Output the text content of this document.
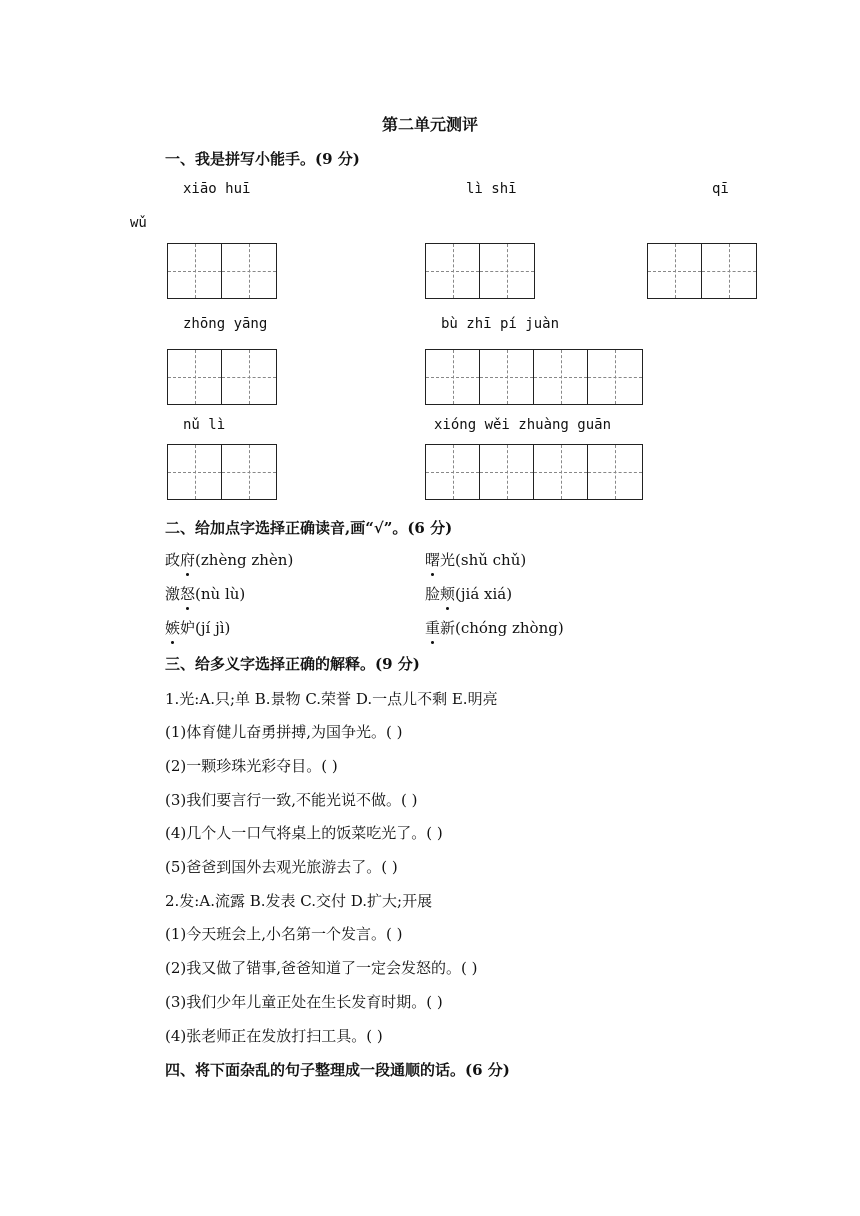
第二单元测评
一、我是拼写小能手。(9 分)
xiāo huī	lì shī	qī
wǔ
zhōng yāng	bù zhī pí juàn
nǔ lì	xióng wěi zhuàng guān
二、给加点字选择正确读音,画“√”。(6 分)
政府(zhèng zhèn)	曙光(shǔ chǔ)
激怒(nù lù)	脸颊(jiá xiá)
嫉妒(jí jì)	重新(chóng zhòng)
三、给多义字选择正确的解释。(9 分)
1.光:A.只;单 B.景物 C.荣誉 D.一点儿不剩 E.明亮
(1)体育健儿奋勇拼搏,为国争光。( )
(2)一颗珍珠光彩夺目。( )
(3)我们要言行一致,不能光说不做。( )
(4)几个人一口气将桌上的饭菜吃光了。( )
(5)爸爸到国外去观光旅游去了。( )
2.发:A.流露 B.发表 C.交付 D.扩大;开展
(1)今天班会上,小名第一个发言。( )
(2)我又做了错事,爸爸知道了一定会发怒的。( )
(3)我们少年儿童正处在生长发育时期。( )
(4)张老师正在发放打扫工具。( )
四、将下面杂乱的句子整理成一段通顺的话。(6 分)
